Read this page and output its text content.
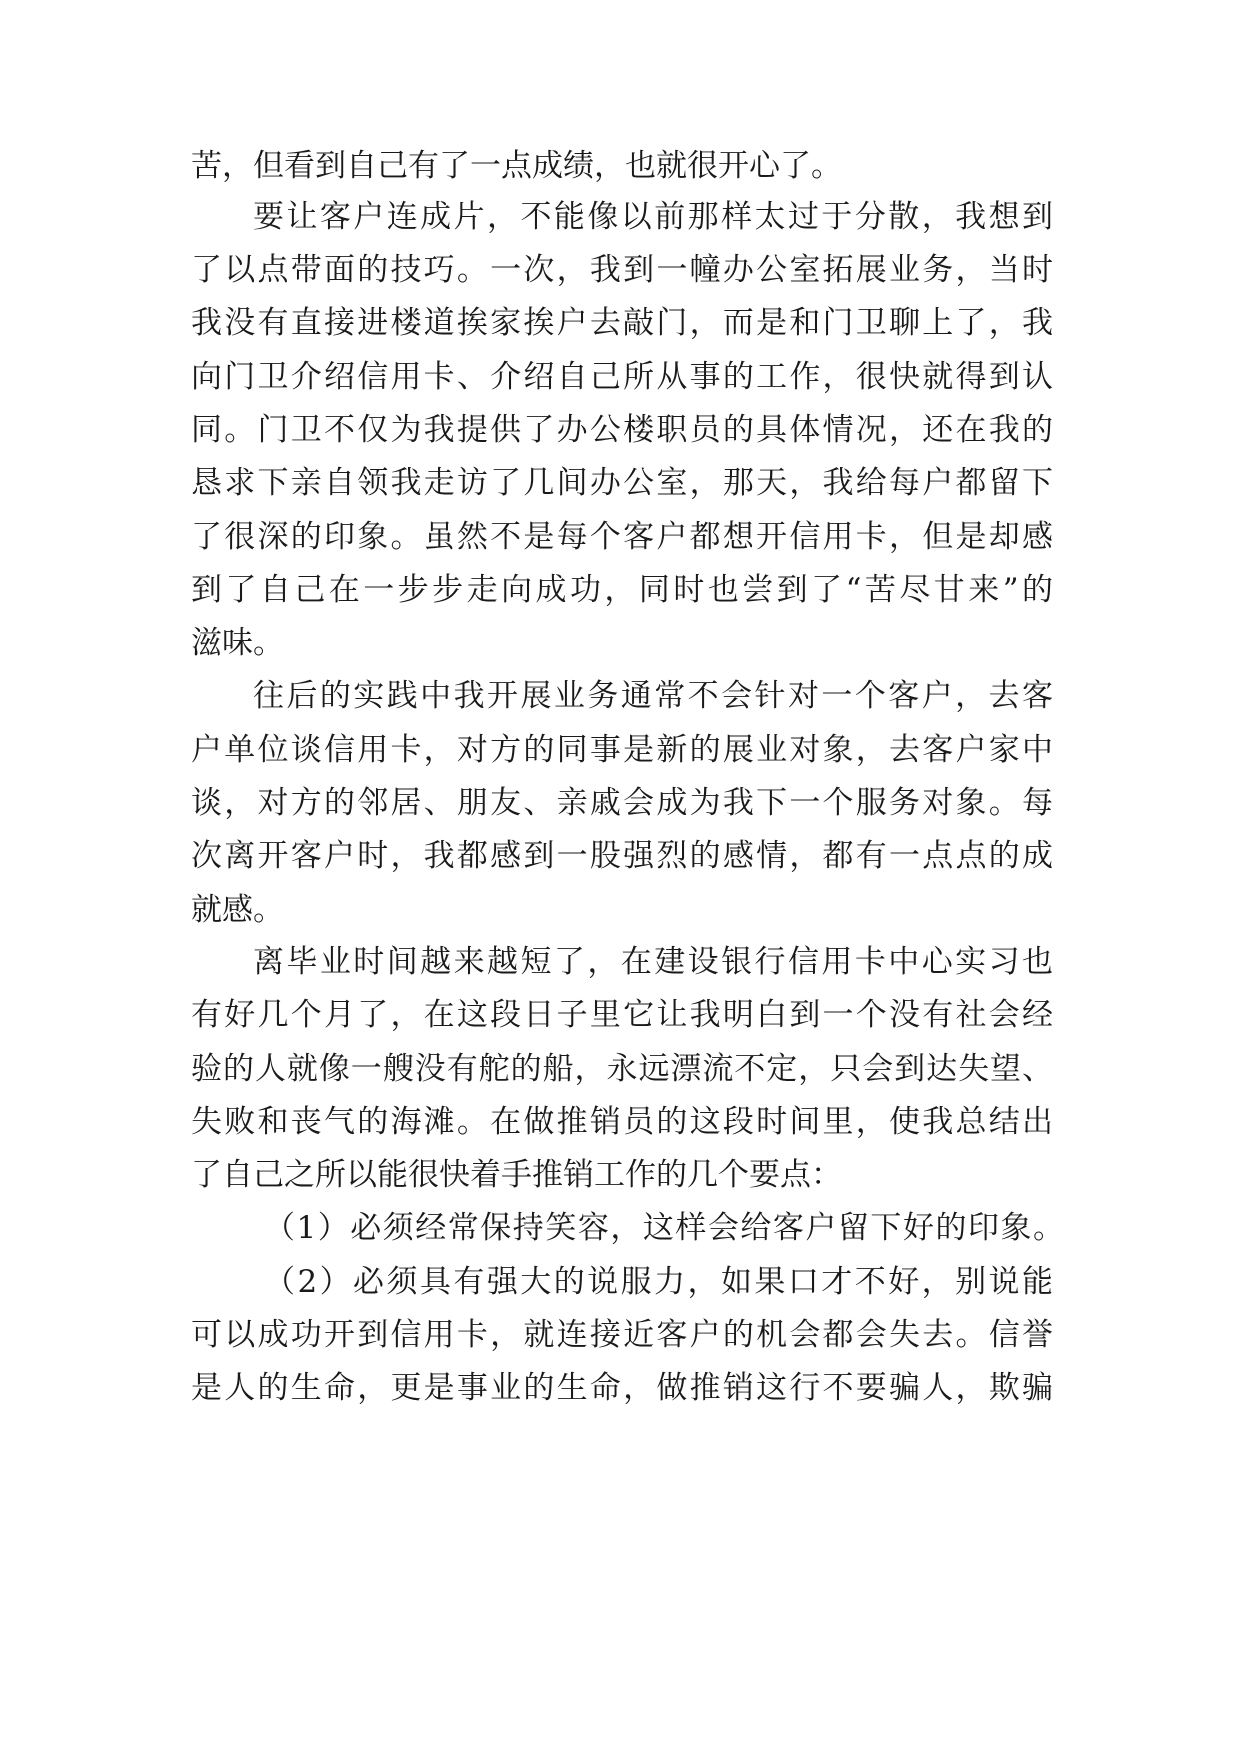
苦，但看到自己有了一点成绩，也就很开心了。
要让客户连成片，不能像以前那样太过于分散，我想到
了以点带面的技巧。一次，我到一幢办公室拓展业务，当时
我没有直接进楼道挨家挨户去敲门，而是和门卫聊上了，我
向门卫介绍信用卡、介绍自己所从事的工作，很快就得到认
同。门卫不仅为我提供了办公楼职员的具体情况，还在我的
恳求下亲自领我走访了几间办公室，那天，我给每户都留下
了很深的印象。虽然不是每个客户都想开信用卡，但是却感
到了自己在一步步走向成功，同时也尝到了“苦尽甘来”的
滋味。
往后的实践中我开展业务通常不会针对一个客户，去客
户单位谈信用卡，对方的同事是新的展业对象，去客户家中
谈，对方的邻居、朋友、亲戚会成为我下一个服务对象。每
次离开客户时，我都感到一股强烈的感情，都有一点点的成
就感。
离毕业时间越来越短了，在建设银行信用卡中心实习也
有好几个月了，在这段日子里它让我明白到一个没有社会经
验的人就像一艘没有舵的船，永远漂流不定，只会到达失望、
失败和丧气的海滩。在做推销员的这段时间里，使我总结出
了自己之所以能很快着手推销工作的几个要点：
（1）必须经常保持笑容，这样会给客户留下好的印象。
（2）必须具有强大的说服力，如果口才不好，别说能
可以成功开到信用卡，就连接近客户的机会都会失去。信誉
是人的生命，更是事业的生命，做推销这行不要骗人，欺骗
